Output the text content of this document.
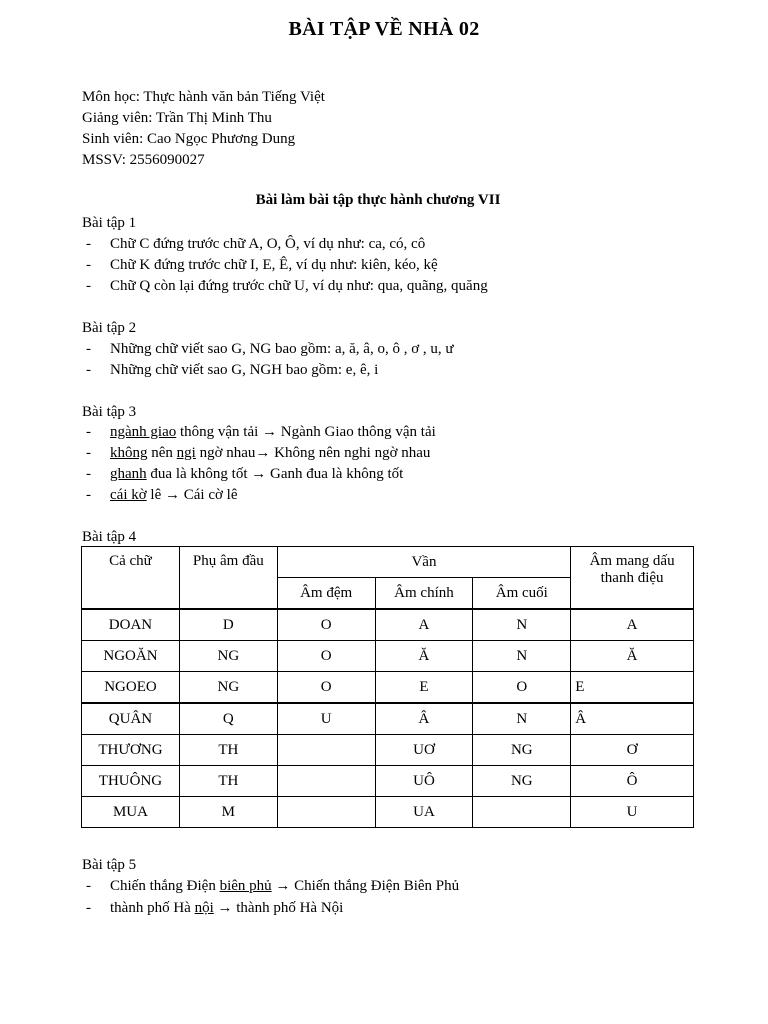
BÀI TẬP VỀ NHÀ 02
Môn học: Thực hành văn bản Tiếng Việt
Giảng viên: Trần Thị Minh Thu
Sinh viên: Cao Ngọc Phương Dung
MSSV: 2556090027
Bài làm bài tập thực hành chương VII
Bài tập 1
- Chữ C đứng trước chữ A, O, Ô, ví dụ như: ca, có, cô
- Chữ K đứng trước chữ I, E, Ê, ví dụ như: kiên, kéo, kệ
- Chữ Q còn lại đứng trước chữ U, ví dụ như: qua, quãng, quăng
Bài tập 2
- Những chữ viết sao G, NG bao gồm: a, ă, â, o, ô , ơ , u, ư
- Những chữ viết sao G, NGH bao gồm: e, ê, i
Bài tập 3
- ngành giao thông vận tải → Ngành Giao thông vận tải
- không nên ngi ngờ nhau→ Không nên nghi ngờ nhau
- ghanh đua là không tốt → Ganh đua là không tốt
- cái kờ lê → Cái cờ lê
Bài tập 4
Cả chữ	Phụ âm đầu	Vần			Âm mang dấu thanh điệu
		Âm đệm	Âm chính	Âm cuối	
DOAN	D	O	A	N	A
NGOĂN	NG	O	Ă	N	Ă
NGOEO	NG	O	E	O	E
QUÂN	Q	U	Â	N	Â
THƯƠNG	TH		UƠ	NG	Ơ
THUÔNG	TH		UÔ	NG	Ô
MUA	M		UA		U
Bài tập 5
- Chiến thắng Điện biên phủ → Chiến thắng Điện Biên Phủ
- thành phố Hà nội → thành phố Hà Nội
